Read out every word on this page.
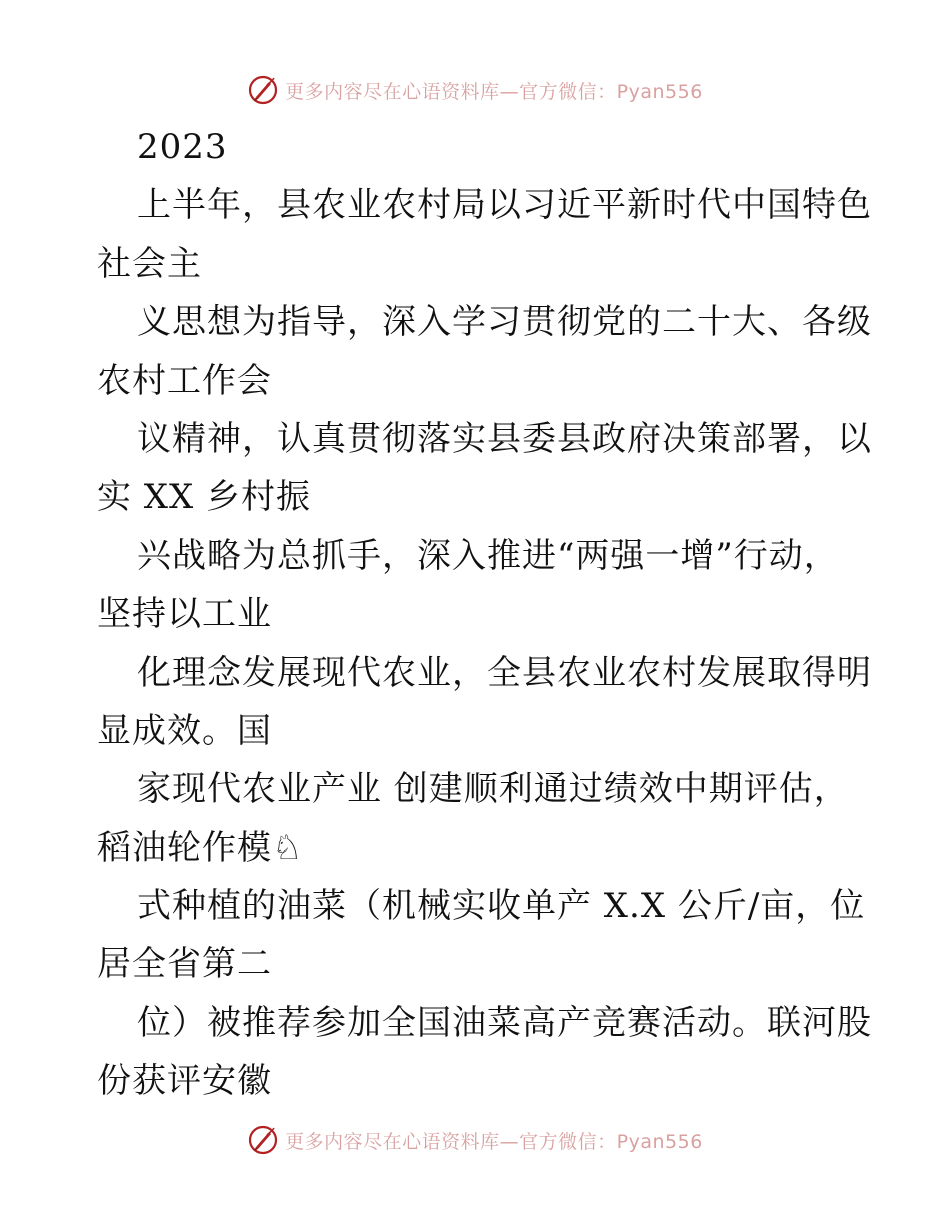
更多内容尽在心语资料库—官方微信：Pyan556
2023
上半年，县农业农村局以习近平新时代中国特色
社会主
义思想为指导，深入学习贯彻党的二十大、各级
农村工作会
议精神，认真贯彻落实县委县政府决策部署，以
实 XX 乡村振
兴战略为总抓手，深入推进“两强一增”行动，
坚持以工业
化理念发展现代农业，全县农业农村发展取得明
显成效。国
家现代农业产业 创建顺利通过绩效中期评估，
稻油轮作模♘
式种植的油菜（机械实收单产 X.X 公斤/亩，位
居全省第二
位）被推荐参加全国油菜高产竞赛活动。联河股
份获评安徽
更多内容尽在心语资料库—官方微信：Pyan556
